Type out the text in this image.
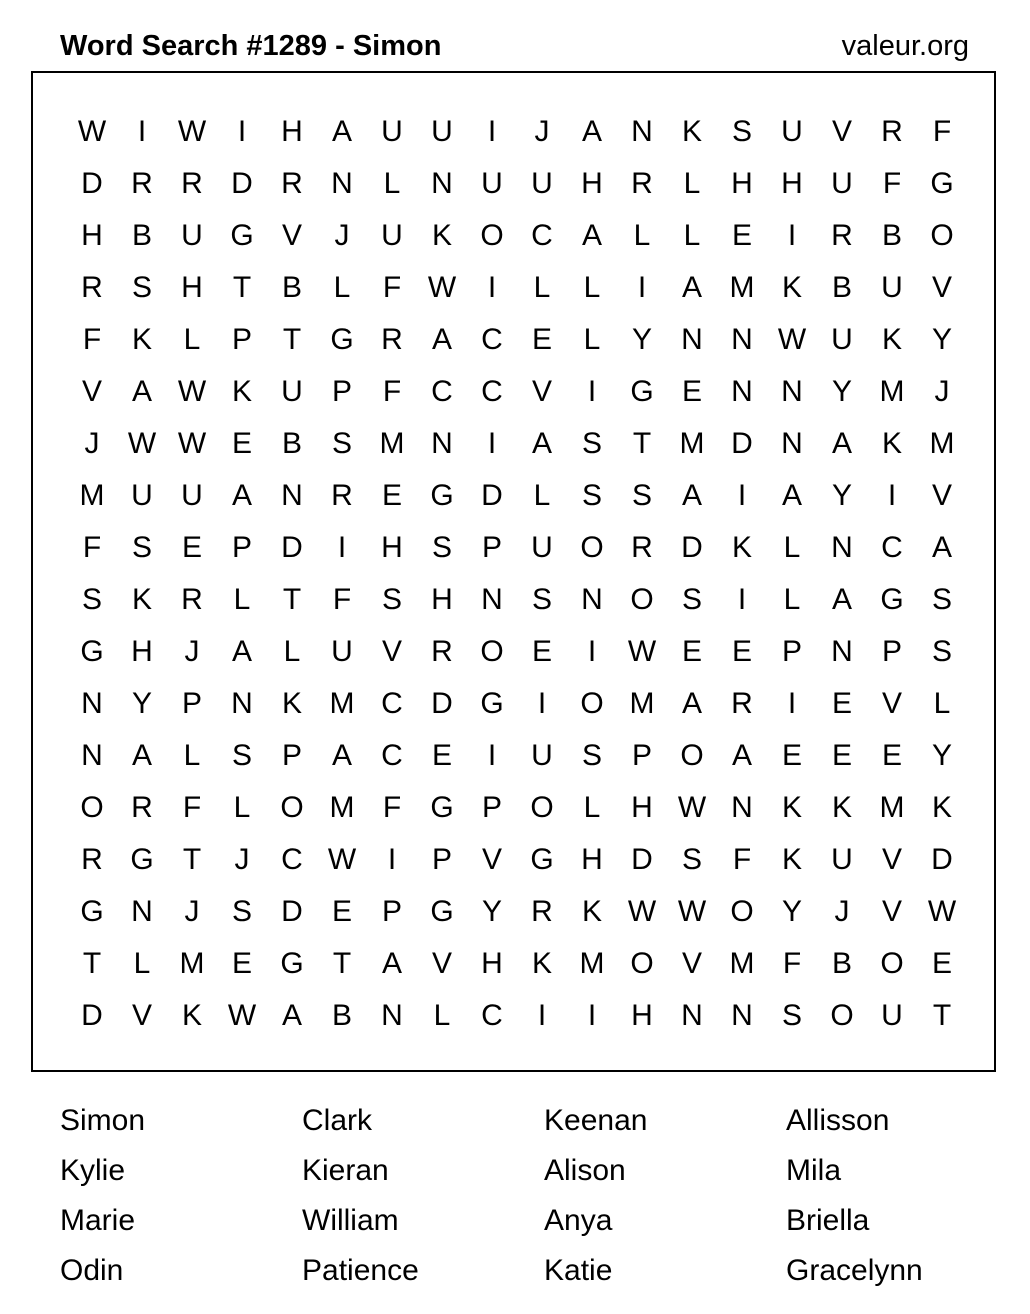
Word Search #1289 - Simon	valeur.org
W	I	W	I	H A U U	I	J	A N K S U V R	F
D R R D R N	L	N U U H R	L	H H U	F G
H B U G V	J	U K O C A	L	L	E	I	R B O
R S H	T	B	L	F W	I	L	L	I	A M K B U V
F	K	L	P	T G R A C E	L	Y N N W U K Y
V A W K U P	F	C C V	I	G E N N Y M	J
J W W E B S M N	I	A S	T M D N A K M
M U U A N R E G D	L	S S A	I	A Y	I	V
F	S E P D	I	H S P U O R D K	L	N C A
S K R	L	T	F	S H N S N O S	I	L	A G S
G H	J	A	L	U V R O E	I	W E E P N P S
N Y P N K M C D G	I	O M A R	I	E V	L
N A	L	S P A C E	I	U S P O A E E E Y
O R	F	L O M F G P O L	H W N K K M K
R G T	J	C W	I	P V G H D S	F	K U V D
G N	J	S D E P G Y R K W W O Y	J	V W
T	L M E G T	A V H K M O V M F	B O E
D V K W A B N	L	C	I	I	H N N S O U	T
Simon	Clark	Keenan	Allisson
Kylie	Kieran	Alison	Mila
Marie	William	Anya	Briella
Odin	Patience	Katie	Gracelynn
